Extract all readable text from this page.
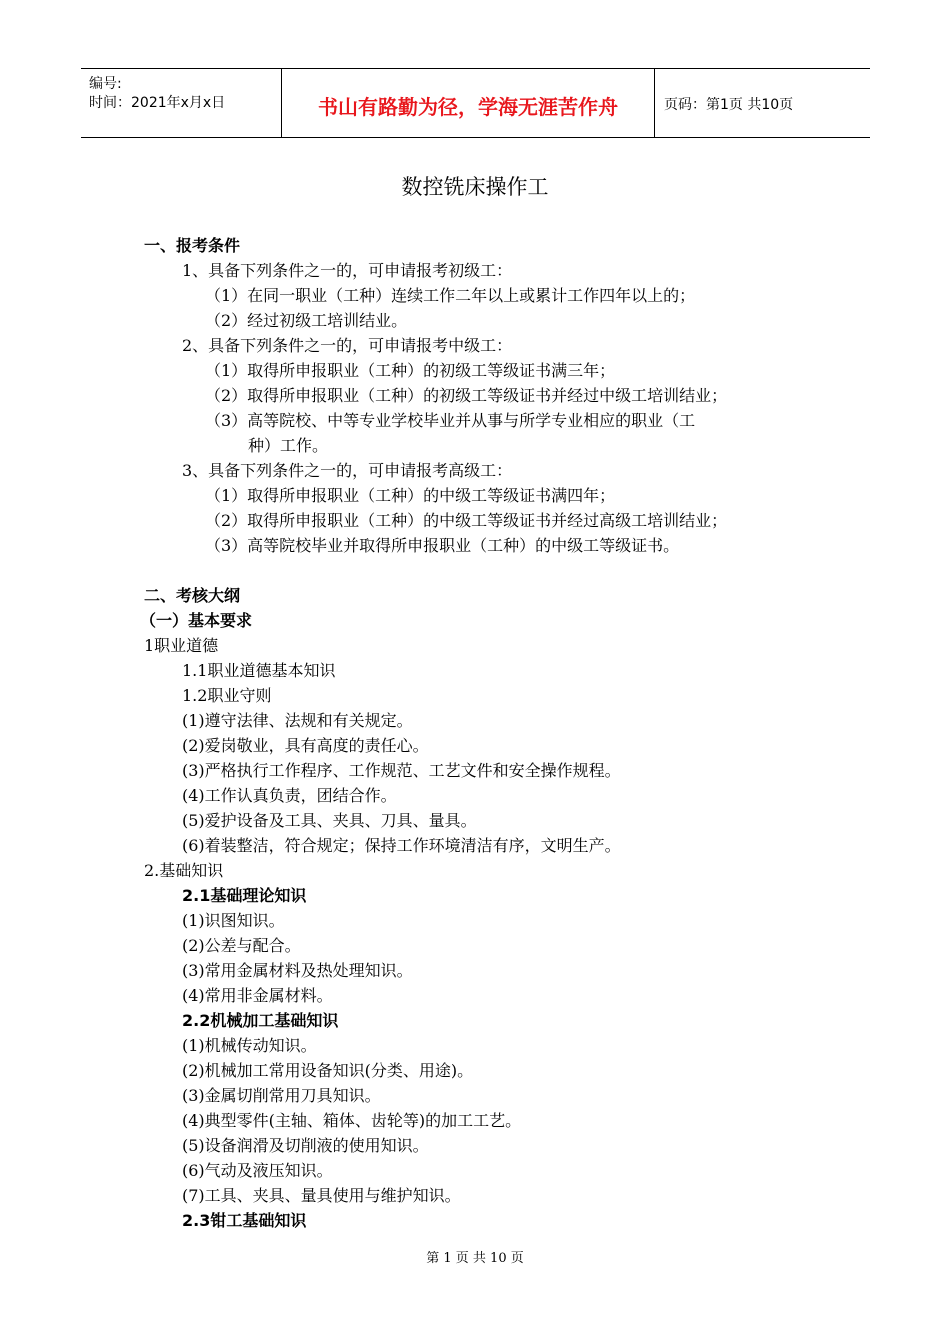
编号:
时间：2021年x月x日	书山有路勤为径，学海无涯苦作舟	页码：第1页 共10页
数控铣床操作工
一、报考条件
1、具备下列条件之一的，可申请报考初级工：
（1）在同一职业（工种）连续工作二年以上或累计工作四年以上的；
（2）经过初级工培训结业。
2、具备下列条件之一的，可申请报考中级工：
（1）取得所申报职业（工种）的初级工等级证书满三年；
（2）取得所申报职业（工种）的初级工等级证书并经过中级工培训结业；
（3）高等院校、中等专业学校毕业并从事与所学专业相应的职业（工
种）工作。
3、具备下列条件之一的，可申请报考高级工：
（1）取得所申报职业（工种）的中级工等级证书满四年；
（2）取得所申报职业（工种）的中级工等级证书并经过高级工培训结业；
（3）高等院校毕业并取得所申报职业（工种）的中级工等级证书。
二、考核大纲
（一）基本要求
1职业道德
1.1职业道德基本知识
1.2职业守则
(1)遵守法律、法规和有关规定。
(2)爱岗敬业，具有高度的责任心。
(3)严格执行工作程序、工作规范、工艺文件和安全操作规程。
(4)工作认真负责，团结合作。
(5)爱护设备及工具、夹具、刀具、量具。
(6)着装整洁，符合规定；保持工作环境清洁有序，文明生产。
2.基础知识
2.1基础理论知识
(1)识图知识。
(2)公差与配合。
(3)常用金属材料及热处理知识。
(4)常用非金属材料。
2.2机械加工基础知识
(1)机械传动知识。
(2)机械加工常用设备知识(分类、用途)。
(3)金属切削常用刀具知识。
(4)典型零件(主轴、箱体、齿轮等)的加工工艺。
(5)设备润滑及切削液的使用知识。
(6)气动及液压知识。
(7)工具、夹具、量具使用与维护知识。
2.3钳工基础知识
第 1 页 共 10 页
